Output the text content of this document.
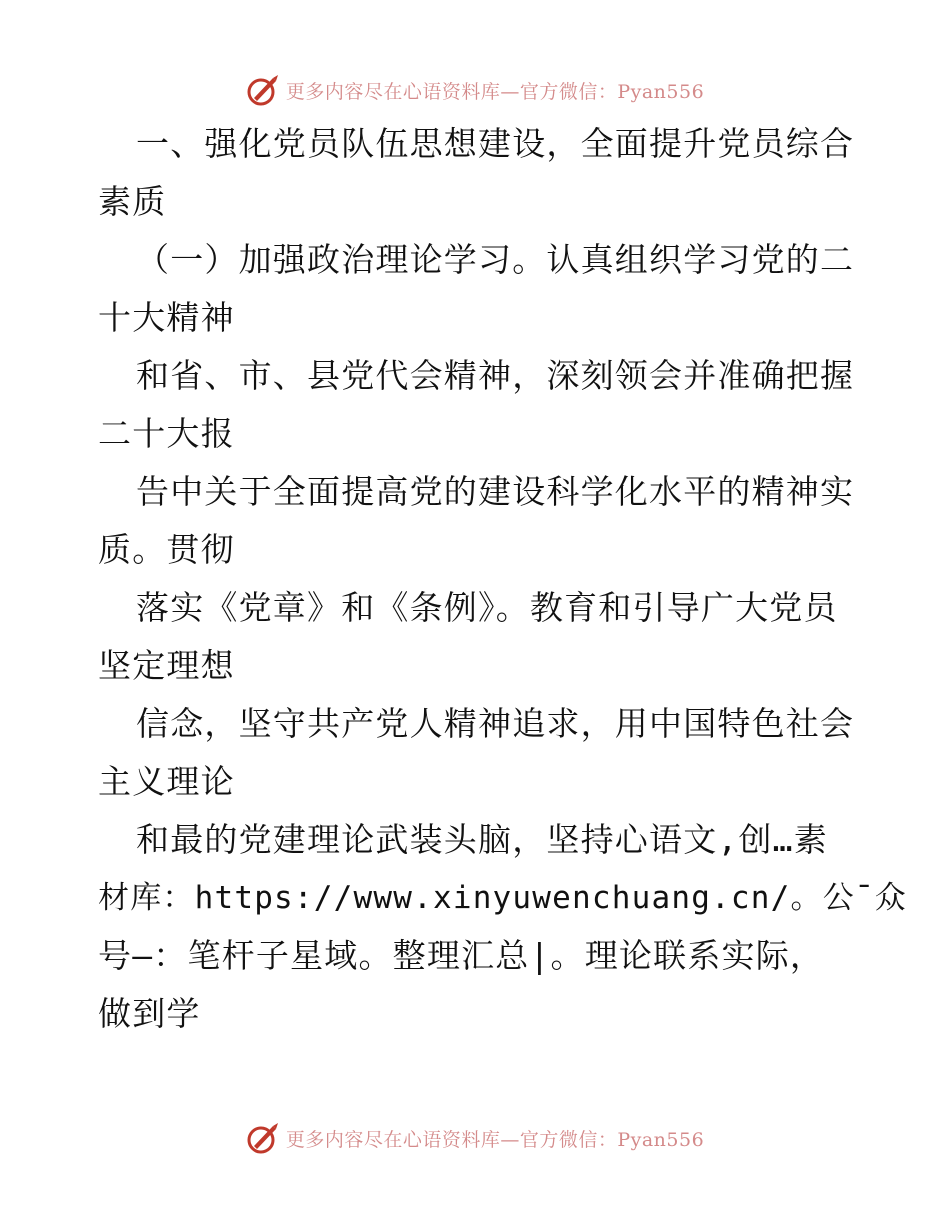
更多内容尽在心语资料库—官方微信：Pyan556
一、强化党员队伍思想建设，全面提升党员综合
素质
（一）加强政治理论学习。认真组织学习党的二
十大精神
和省、市、县党代会精神，深刻领会并准确把握
二十大报
告中关于全面提高党的建设科学化水平的精神实
质。贯彻
落实《党章》和《条例》。教育和引导广大党员
坚定理想
信念，坚守共产党人精神追求，用中国特色社会
主义理论
和最的党建理论武装头脑，坚持心语文,创…素
材库：https://www.xinyuwenchuang.cn/。公¯众
号—：笔杆子星域。整理汇总|。理论联系实际，
做到学
更多内容尽在心语资料库—官方微信：Pyan556
